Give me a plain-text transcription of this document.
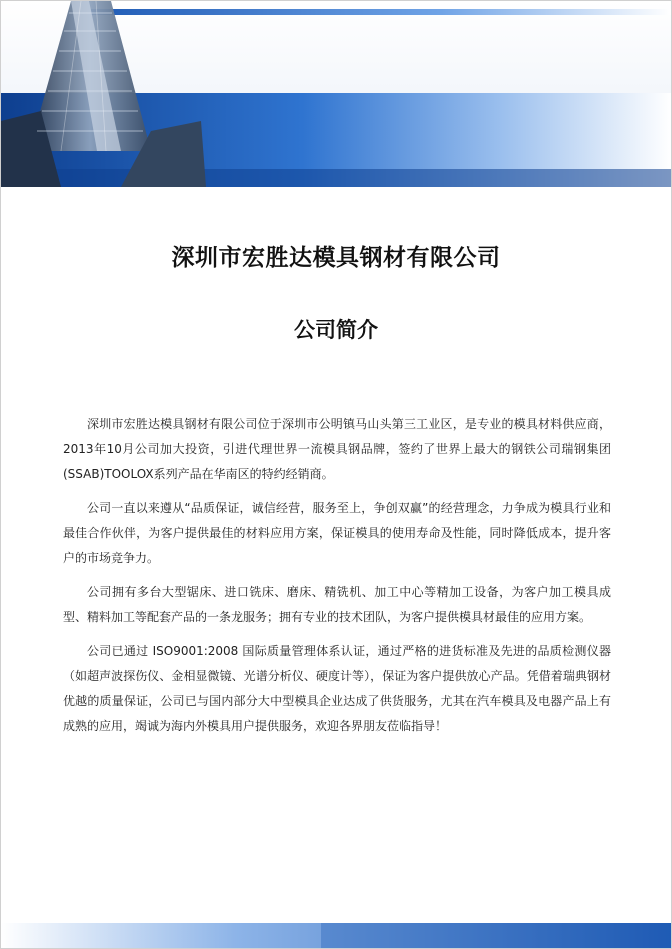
深圳市宏胜达模具钢材有限公司
公司简介

深圳市宏胜达模具钢材有限公司位于深圳市公明镇马山头第三工业区，是专业的模具材料供应商，2013年10月公司加大投资，引进代理世界一流模具钢品牌，签约了世界上最大的钢铁公司瑞钢集团(SSAB)TOOLOX系列产品在华南区的特约经销商。

公司一直以来遵从“品质保证，诚信经营，服务至上，争创双赢”的经营理念，力争成为模具行业和最佳合作伙伴，为客户提供最佳的材料应用方案，保证模具的使用寿命及性能，同时降低成本，提升客户的市场竞争力。

公司拥有多台大型锯床、进口铣床、磨床、精铣机、加工中心等精加工设备，为客户加工模具成型、精料加工等配套产品的一条龙服务；拥有专业的技术团队，为客户提供模具材最佳的应用方案。

公司已通过 ISO9001:2008 国际质量管理体系认证，通过严格的进货标准及先进的品质检测仪器（如超声波探伤仪、金相显微镜、光谱分析仪、硬度计等），保证为客户提供放心产品。凭借着瑞典钢材优越的质量保证，公司已与国内部分大中型模具企业达成了供货服务，尤其在汽车模具及电器产品上有成熟的应用，竭诚为海内外模具用户提供服务，欢迎各界朋友莅临指导！
